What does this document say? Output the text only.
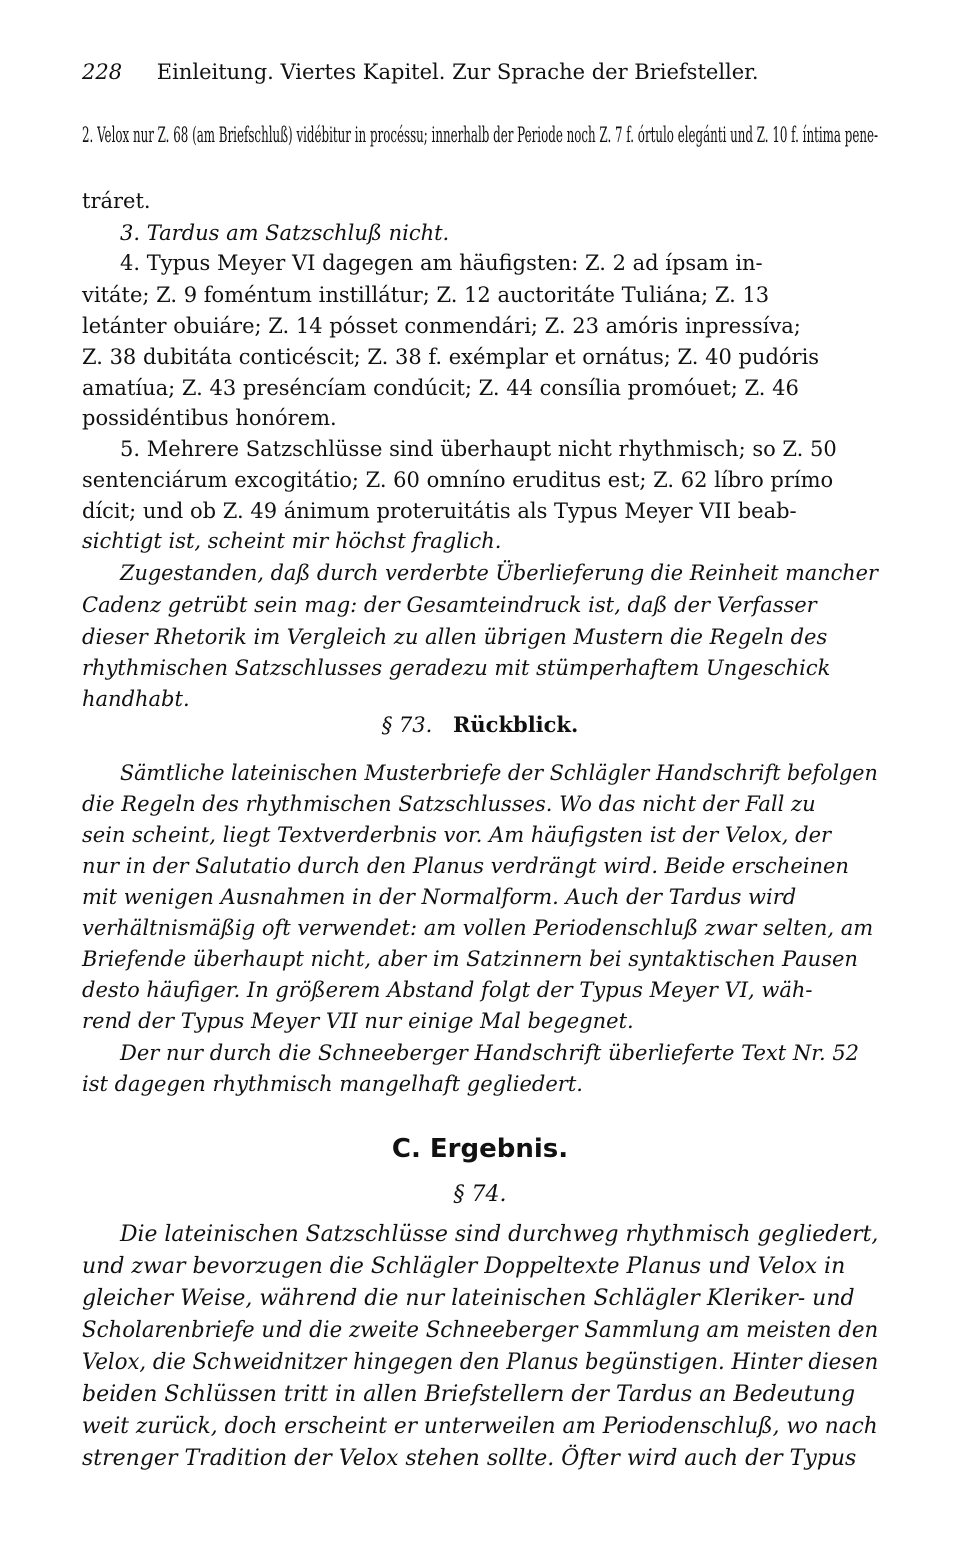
228 Einleitung. Viertes Kapitel. Zur Sprache der Briefsteller.
2. Velox nur Z. 68 (am Briefschluß) vidébitur in procéssu; innerhalb der Periode noch Z. 7 f. órtulo elegánti und Z. 10 f. íntima pene-
tráret.
3. Tardus am Satzschluß nicht.
4. Typus Meyer VI dagegen am häufigsten: Z. 2 ad ípsam in-
vitáte; Z. 9 foméntum instillátur; Z. 12 auctoritáte Tuliána; Z. 13
letánter obuiáre; Z. 14 pósset conmendári; Z. 23 amóris inpressíva;
Z. 38 dubitáta conticéscit; Z. 38 f. exémplar et ornátus; Z. 40 pudóris
amatíua; Z. 43 preséncíam condúcit; Z. 44 consília promóuet; Z. 46
possidéntibus honórem.
5. Mehrere Satzschlüsse sind überhaupt nicht rhythmisch; so Z. 50
sentenciárum excogitátio; Z. 60 omníno eruditus est; Z. 62 líbro prímo
dícit; und ob Z. 49 ánimum proteruitátis als Typus Meyer VII beab-
sichtigt ist, scheint mir höchst fraglich.
Zugestanden, daß durch verderbte Überlieferung die Reinheit mancher
Cadenz getrübt sein mag: der Gesamteindruck ist, daß der Verfasser
dieser Rhetorik im Vergleich zu allen übrigen Mustern die Regeln des
rhythmischen Satzschlusses geradezu mit stümperhaftem Ungeschick
handhabt.
§ 73. Rückblick.
Sämtliche lateinischen Musterbriefe der Schlägler Handschrift befolgen
die Regeln des rhythmischen Satzschlusses. Wo das nicht der Fall zu
sein scheint, liegt Textverderbnis vor. Am häufigsten ist der Velox, der
nur in der Salutatio durch den Planus verdrängt wird. Beide erscheinen
mit wenigen Ausnahmen in der Normalform. Auch der Tardus wird
verhältnismäßig oft verwendet: am vollen Periodenschluß zwar selten, am
Briefende überhaupt nicht, aber im Satzinnern bei syntaktischen Pausen
desto häufiger. In größerem Abstand folgt der Typus Meyer VI, wäh-
rend der Typus Meyer VII nur einige Mal begegnet.
Der nur durch die Schneeberger Handschrift überlieferte Text Nr. 52
ist dagegen rhythmisch mangelhaft gegliedert.
C. Ergebnis.
§ 74.
Die lateinischen Satzschlüsse sind durchweg rhythmisch gegliedert,
und zwar bevorzugen die Schlägler Doppeltexte Planus und Velox in
gleicher Weise, während die nur lateinischen Schlägler Kleriker- und
Scholarenbriefe und die zweite Schneeberger Sammlung am meisten den
Velox, die Schweidnitzer hingegen den Planus begünstigen. Hinter diesen
beiden Schlüssen tritt in allen Briefstellern der Tardus an Bedeutung
weit zurück, doch erscheint er unterweilen am Periodenschluß, wo nach
strenger Tradition der Velox stehen sollte. Öfter wird auch der Typus
